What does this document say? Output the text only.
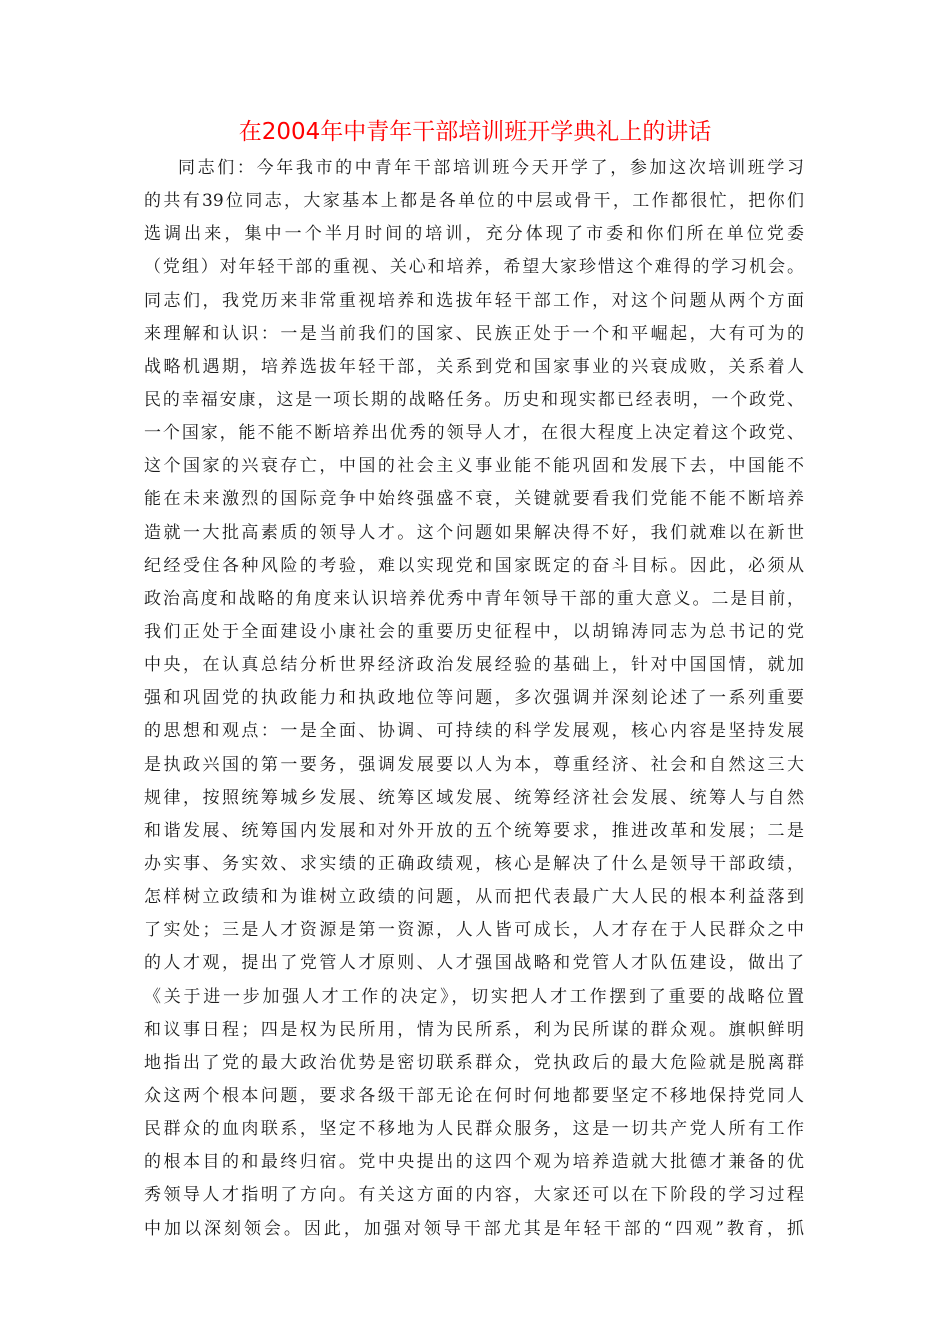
在2004年中青年干部培训班开学典礼上的讲话
同志们：今年我市的中青年干部培训班今天开学了，参加这次培训班学习
的共有39位同志，大家基本上都是各单位的中层或骨干，工作都很忙，把你们
选调出来，集中一个半月时间的培训，充分体现了市委和你们所在单位党委
（党组）对年轻干部的重视、关心和培养，希望大家珍惜这个难得的学习机会。
同志们，我党历来非常重视培养和选拔年轻干部工作，对这个问题从两个方面
来理解和认识：一是当前我们的国家、民族正处于一个和平崛起，大有可为的
战略机遇期，培养选拔年轻干部，关系到党和国家事业的兴衰成败，关系着人
民的幸福安康，这是一项长期的战略任务。历史和现实都已经表明，一个政党、
一个国家，能不能不断培养出优秀的领导人才，在很大程度上决定着这个政党、
这个国家的兴衰存亡，中国的社会主义事业能不能巩固和发展下去，中国能不
能在未来激烈的国际竞争中始终强盛不衰，关键就要看我们党能不能不断培养
造就一大批高素质的领导人才。这个问题如果解决得不好，我们就难以在新世
纪经受住各种风险的考验，难以实现党和国家既定的奋斗目标。因此，必须从
政治高度和战略的角度来认识培养优秀中青年领导干部的重大意义。二是目前，
我们正处于全面建设小康社会的重要历史征程中，以胡锦涛同志为总书记的党
中央，在认真总结分析世界经济政治发展经验的基础上，针对中国国情，就加
强和巩固党的执政能力和执政地位等问题，多次强调并深刻论述了一系列重要
的思想和观点：一是全面、协调、可持续的科学发展观，核心内容是坚持发展
是执政兴国的第一要务，强调发展要以人为本，尊重经济、社会和自然这三大
规律，按照统筹城乡发展、统筹区域发展、统筹经济社会发展、统筹人与自然
和谐发展、统筹国内发展和对外开放的五个统筹要求，推进改革和发展；二是
办实事、务实效、求实绩的正确政绩观，核心是解决了什么是领导干部政绩，
怎样树立政绩和为谁树立政绩的问题，从而把代表最广大人民的根本利益落到
了实处；三是人才资源是第一资源，人人皆可成长，人才存在于人民群众之中
的人才观，提出了党管人才原则、人才强国战略和党管人才队伍建设，做出了
《关于进一步加强人才工作的决定》，切实把人才工作摆到了重要的战略位置
和议事日程；四是权为民所用，情为民所系，利为民所谋的群众观。旗帜鲜明
地指出了党的最大政治优势是密切联系群众，党执政后的最大危险就是脱离群
众这两个根本问题，要求各级干部无论在何时何地都要坚定不移地保持党同人
民群众的血肉联系，坚定不移地为人民群众服务，这是一切共产党人所有工作
的根本目的和最终归宿。党中央提出的这四个观为培养造就大批德才兼备的优
秀领导人才指明了方向。有关这方面的内容，大家还可以在下阶段的学习过程
中加以深刻领会。因此，加强对领导干部尤其是年轻干部的“四观”教育，抓
